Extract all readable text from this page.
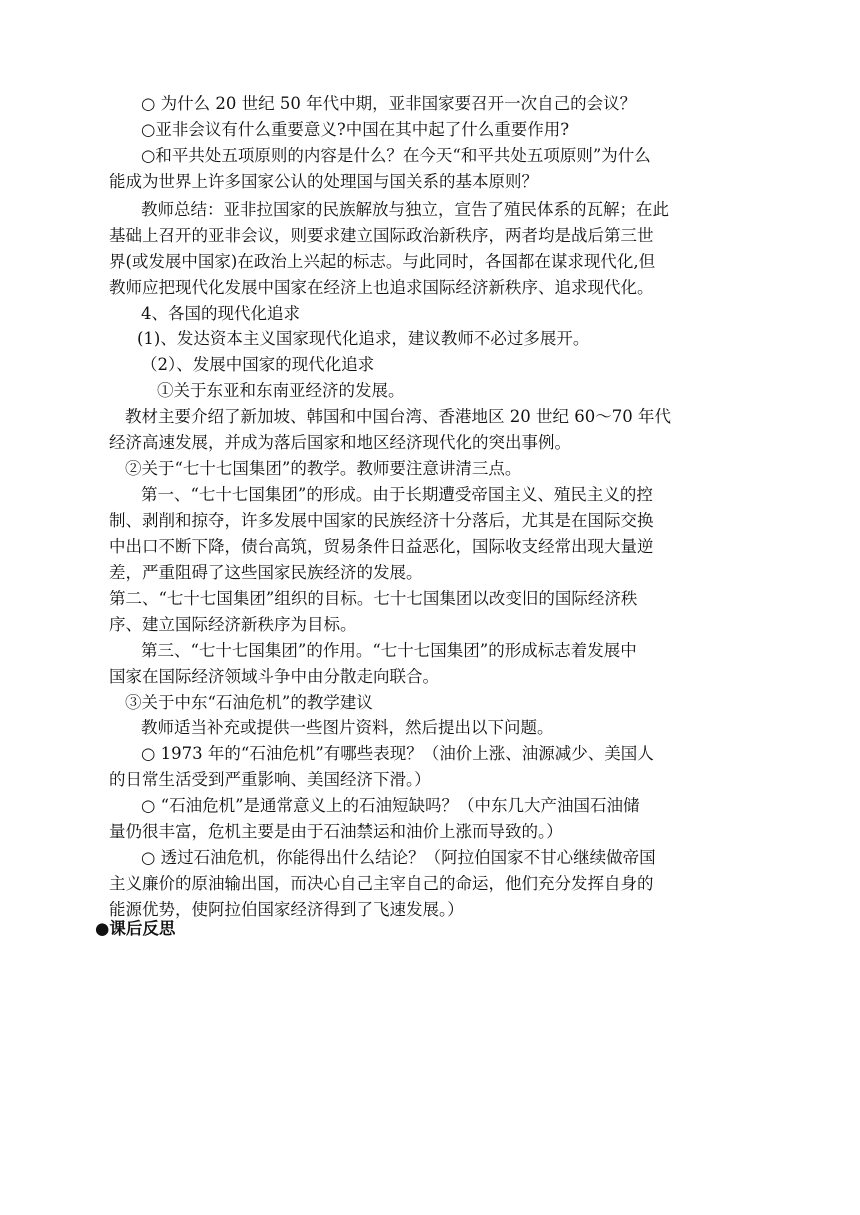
○ 为什么 20 世纪 50 年代中期，亚非国家要召开一次自己的会议？
○亚非会议有什么重要意义?中国在其中起了什么重要作用?
○和平共处五项原则的内容是什么？在今天“和平共处五项原则”为什么
能成为世界上许多国家公认的处理国与国关系的基本原则？
教师总结：亚非拉国家的民族解放与独立，宣告了殖民体系的瓦解；在此
基础上召开的亚非会议，则要求建立国际政治新秩序，两者均是战后第三世
界(或发展中国家)在政治上兴起的标志。与此同时，各国都在谋求现代化,但
教师应把现代化发展中国家在经济上也追求国际经济新秩序、追求现代化。
4、各国的现代化追求
(1)、发达资本主义国家现代化追求，建议教师不必过多展开。
（2）、发展中国家的现代化追求
①关于东亚和东南亚经济的发展。
教材主要介绍了新加坡、韩国和中国台湾、香港地区 20 世纪 60～70 年代
经济高速发展，并成为落后国家和地区经济现代化的突出事例。
②关于“七十七国集团”的教学。教师要注意讲清三点。
第一、“七十七国集团”的形成。由于长期遭受帝国主义、殖民主义的控
制、剥削和掠夺，许多发展中国家的民族经济十分落后，尤其是在国际交换
中出口不断下降，债台高筑，贸易条件日益恶化，国际收支经常出现大量逆
差，严重阻碍了这些国家民族经济的发展。
第二、“七十七国集团”组织的目标。七十七国集团以改变旧的国际经济秩
序、建立国际经济新秩序为目标。
第三、“七十七国集团”的作用。“七十七国集团”的形成标志着发展中
国家在国际经济领域斗争中由分散走向联合。
③关于中东“石油危机”的教学建议
教师适当补充或提供一些图片资料，然后提出以下问题。
○ 1973 年的“石油危机”有哪些表现？（油价上涨、油源减少、美国人
的日常生活受到严重影响、美国经济下滑。）
○ “石油危机”是通常意义上的石油短缺吗？（中东几大产油国石油储
量仍很丰富，危机主要是由于石油禁运和油价上涨而导致的。）
○ 透过石油危机，你能得出什么结论？（阿拉伯国家不甘心继续做帝国
主义廉价的原油输出国，而决心自己主宰自己的命运，他们充分发挥自身的
能源优势，使阿拉伯国家经济得到了飞速发展。）
●课后反思
